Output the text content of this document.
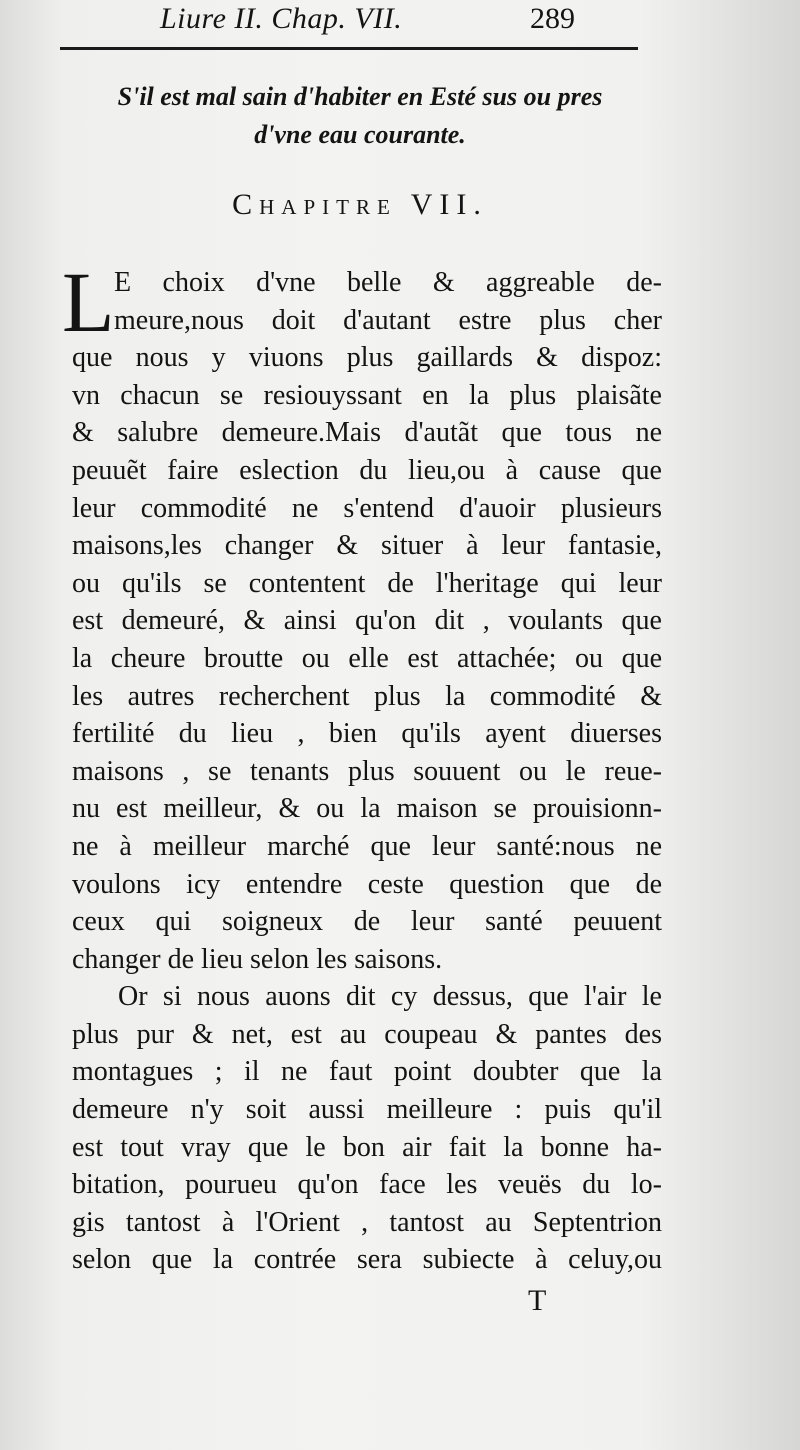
Liure II. Chap. VII.	289
S'il est mal sain d'habiter en Esté sus ou pres
d'vne eau courante.
Chapitre VII.
L E choix d'vne belle & aggreable de-
meure,nous doit d'autant estre plus cher
que nous y viuons plus gaillards & dispoz:
vn chacun se resiouyssant en la plus plaisãte
& salubre demeure.Mais d'autãt que tous ne
peuuẽt faire eslection du lieu,ou à cause que
leur commodité ne s'entend d'auoir plusieurs
maisons,les changer & situer à leur fantasie,
ou qu'ils se contentent de l'heritage qui leur
est demeuré, & ainsi qu'on dit , voulants que
la cheure broutte ou elle est attachée; ou que
les autres recherchent plus la commodité &
fertilité du lieu , bien qu'ils ayent diuerses
maisons , se tenants plus souuent ou le reue-
nu est meilleur, & ou la maison se prouisionn-
ne à meilleur marché que leur santé:nous ne
voulons icy entendre ceste question que de
ceux qui soigneux de leur santé peuuent
changer de lieu selon les saisons.
Or si nous auons dit cy dessus, que l'air le
plus pur & net, est au coupeau & pantes des
montagues ; il ne faut point doubter que la
demeure n'y soit aussi meilleure : puis qu'il
est tout vray que le bon air fait la bonne ha-
bitation, pourueu qu'on face les veuës du lo-
gis tantost à l'Orient , tantost au Septentrion
selon que la contrée sera subiecte à celuy,ou
T
